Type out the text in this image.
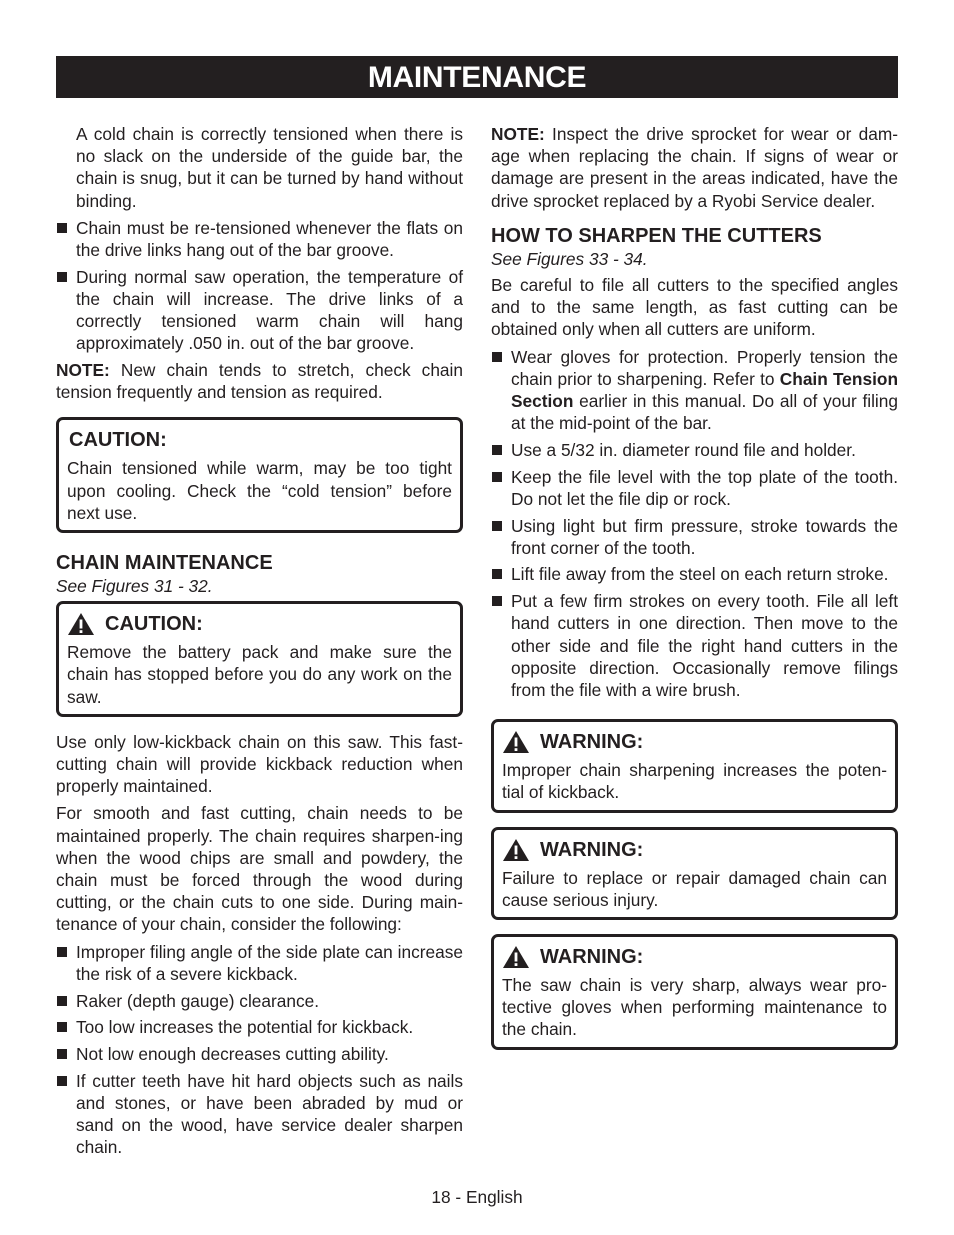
MAINTENANCE

A cold chain is correctly tensioned when there is no slack on the underside of the guide bar, the chain is snug, but it can be turned by hand without binding.

Chain must be re-tensioned whenever the flats on the drive links hang out of the bar groove.
During normal saw operation, the temperature of the chain will increase. The drive links of a correctly tensioned warm chain will hang approximately .050 in. out of the bar groove.

NOTE: New chain tends to stretch, check chain tension frequently and tension as required.

CAUTION:

Chain tensioned while warm, may be too tight upon cooling. Check the “cold tension” before next use.

CHAIN MAINTENANCE

See Figures 31 - 32.

CAUTION:

Remove the battery pack and make sure the chain has stopped before you do any work on the saw.

Use only low-kickback chain on this saw. This fast-cutting chain will provide kickback reduction when properly maintained.

For smooth and fast cutting, chain needs to be maintained properly. The chain requires sharpen-ing when the wood chips are small and powdery, the chain must be forced through the wood during cutting, or the chain cuts to one side. During main-tenance of your chain, consider the following:

Improper filing angle of the side plate can increase the risk of a severe kickback.
Raker (depth gauge) clearance.
Too low increases the potential for kickback.
Not low enough decreases cutting ability.
If cutter teeth have hit hard objects such as nails and stones, or have been abraded by mud or sand on the wood, have service dealer sharpen chain.

NOTE: Inspect the drive sprocket for wear or dam-age when replacing the chain. If signs of wear or damage are present in the areas indicated, have the drive sprocket replaced by a Ryobi Service dealer.

HOW TO SHARPEN THE CUTTERS

See Figures 33 - 34.

Be careful to file all cutters to the specified angles and to the same length, as fast cutting can be obtained only when all cutters are uniform.

Wear gloves for protection. Properly tension the chain prior to sharpening. Refer to Chain Tension Section earlier in this manual. Do all of your filing at the mid-point of the bar.
Use a 5/32 in. diameter round file and holder.
Keep the file level with the top plate of the tooth. Do not let the file dip or rock.
Using light but firm pressure, stroke towards the front corner of the tooth.
Lift file away from the steel on each return stroke.
Put a few firm strokes on every tooth. File all left hand cutters in one direction. Then move to the other side and file the right hand cutters in the opposite direction. Occasionally remove filings from the file with a wire brush.
WARNING:

Improper chain sharpening increases the poten-tial of kickback.

WARNING:

Failure to replace or repair damaged chain can cause serious injury.

WARNING:

The saw chain is very sharp, always wear pro-tective gloves when performing maintenance to the chain.

18 - English
